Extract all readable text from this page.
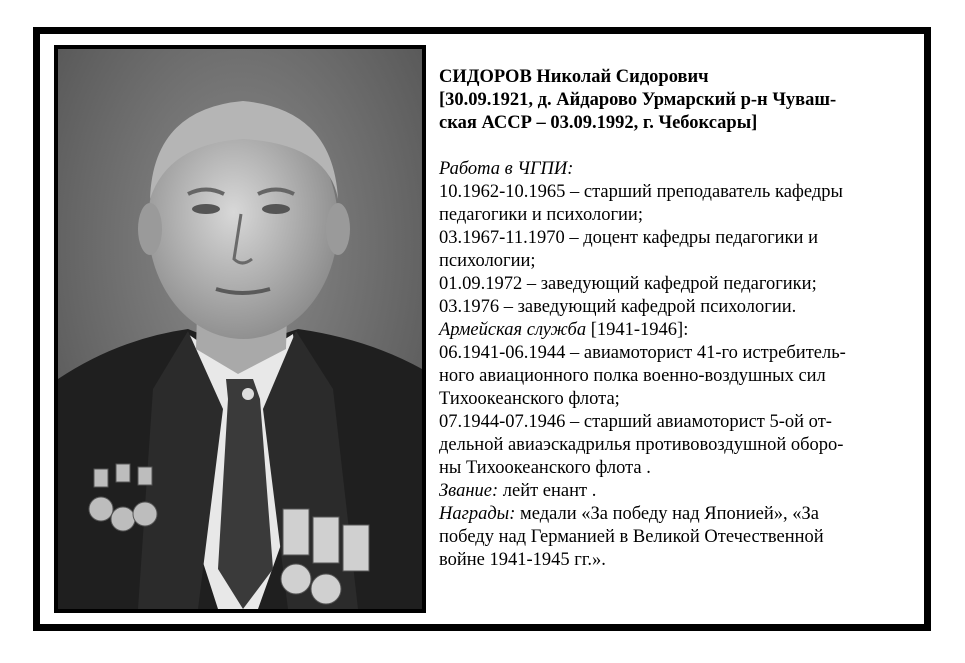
СИДОРОВ Николай Сидорович
[30.09.1921, д. Айдарово Урмарский р-н Чуваш-
ская АССР – 03.09.1992, г. Чебоксары]
Работа в ЧГПИ:
10.1962-10.1965 – старший преподаватель кафедры
педагогики и психологии;
03.1967-11.1970 – доцент кафедры педагогики и
психологии;
01.09.1972 – заведующий кафедрой педагогики;
03.1976 – заведующий кафедрой психологии.
Армейская служба [1941-1946]:
06.1941-06.1944 – авиамоторист 41-го истребитель-
ного авиационного полка военно-воздушных сил
Тихоокеанского флота;
07.1944-07.1946 – старший авиамоторист 5-ой от-
дельной авиаэскадрилья противовоздушной оборо-
ны Тихоокеанского флота .
Звание: лейт енант .
Награды: медали «За победу над Японией», «За
победу над Германией в Великой Отечественной
войне 1941-1945 гг.».
